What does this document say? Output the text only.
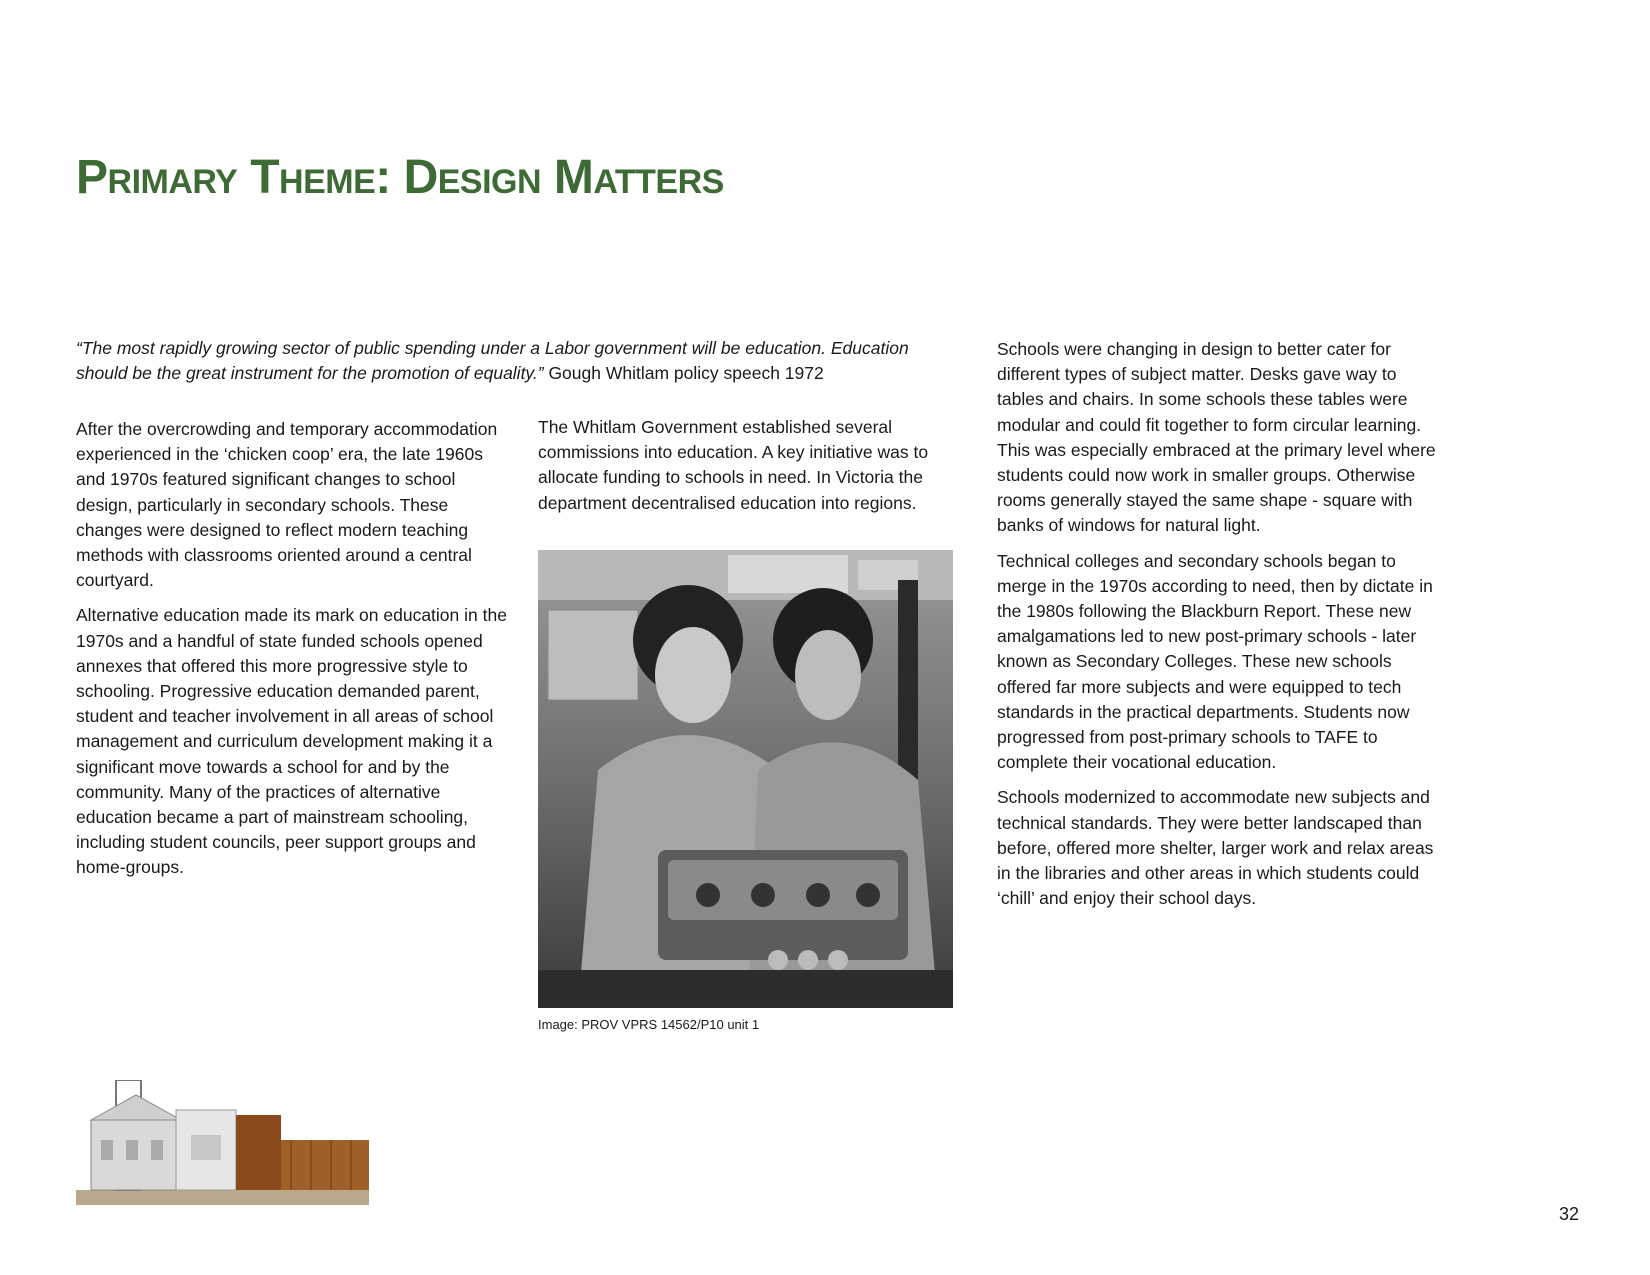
Primary Theme: Design Matters

“The most rapidly growing sector of public spending under a Labor government will be education. Education should be the great instrument for the promotion of equality.” Gough Whitlam policy speech 1972

After the overcrowding and temporary accommodation experienced in the ‘chicken coop’ era, the late 1960s and 1970s featured significant changes to school design, particularly in secondary schools. These changes were designed to reflect modern teaching methods with classrooms oriented around a central courtyard.

Alternative education made its mark on education in the 1970s and a handful of state funded schools opened annexes that offered this more progressive style to schooling. Progressive education demanded parent, student and teacher involvement in all areas of school management and curriculum development making it a significant move towards a school for and by the community. Many of the practices of alternative education became a part of mainstream schooling, including student councils, peer support groups and home-groups.

The Whitlam Government established several commissions into education. A key initiative was to allocate funding to schools in need. In Victoria the department decentralised education into regions.

Image: PROV VPRS 14562/P10 unit 1

Schools were changing in design to better cater for different types of subject matter. Desks gave way to tables and chairs. In some schools these tables were modular and could fit together to form circular learning. This was especially embraced at the primary level where students could now work in smaller groups. Otherwise rooms generally stayed the same shape - square with banks of windows for natural light.

Technical colleges and secondary schools began to merge in the 1970s according to need, then by dictate in the 1980s following the Blackburn Report. These new amalgamations led to new post-primary schools - later known as Secondary Colleges. These new schools offered far more subjects and were equipped to tech standards in the practical departments. Students now progressed from post-primary schools to TAFE to complete their vocational education.

Schools modernized to accommodate new subjects and technical standards. They were better landscaped than before, offered more shelter, larger work and relax areas in the libraries and other areas in which students could ‘chill’ and enjoy their school days.

32
